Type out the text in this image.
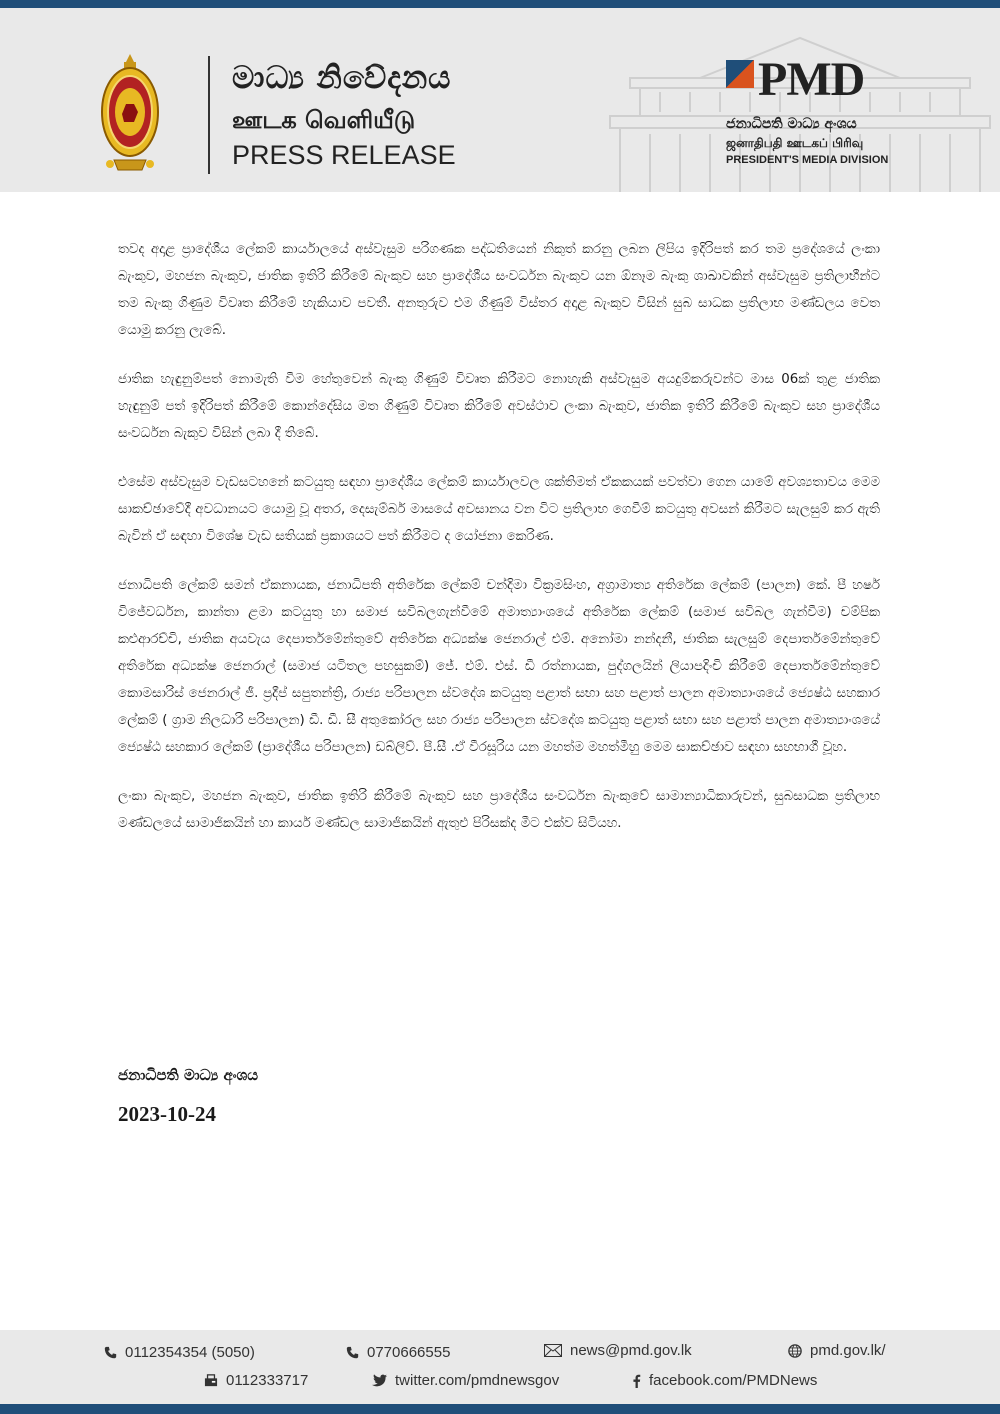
මාධ්‍ය නිවේදනය
ஊடக வெளியீடு
PRESS RELEASE
PMD
ජනාධිපති මාධ්‍ය අංශය
ஜனாதிபதி ஊடகப் பிரிவு
PRESIDENT'S MEDIA DIVISION

තවද අදාළ ප්‍රාදේශීය ලේකම් කාර්යාලයේ අස්වැසුම පරිගණක පද්ධතියෙන් නිකුත් කරනු ලබන ලිපිය ඉදිරිපත් කර තම ප්‍රදේශයේ ලංකා බැංකුව, මහජන බැංකුව, ජාතික ඉතිරි කිරීමේ බැංකුව සහ ප්‍රාදේශීය සංවර්ධන බැංකුව යන ඕනෑම බැංකු ශාඛාවකින් අස්වැසුම ප්‍රතිලාභීන්ට තම බැංකු ගිණුම විවෘත කිරීමේ හැකියාව පවතී. අනතුරුව එම ගිණුම් විස්තර අදාළ බැංකුව විසින් සුබ සාධක ප්‍රතිලාභ මණ්ඩලය වෙත යොමු කරනු ලැබේ.

ජාතික හැඳුනුම්පත් නොමැති වීම හේතුවෙන් බැංකු ගිණුම් විවෘත කිරීමට නොහැකි අස්වැසුම අයදුම්කරුවන්ට මාස 06ක් තුළ ජාතික හැඳුනුම් පත් ඉදිරිපත් කිරීමේ කොන්දේසිය මත ගිණුම් විවෘත කිරීමේ අවස්ථාව ලංකා බැංකුව, ජාතික ඉතිරි කිරීමේ බැංකුව සහ ප්‍රාදේශීය සංවර්ධන බැකුව විසින් ලබා දී තිබේ.

එසේම අස්වැසුම වැඩසටහනේ කටයුතු සඳහා ප්‍රාදේශීය ලේකම් කාර්යාලවල ශක්තිමත් ඒකකයක් පවත්වා ගෙන යාමේ අවශ්‍යතාවය මෙම සාකච්ඡාවේදී අවධානයට යොමු වූ අතර, දෙසැම්බර් මාසයේ අවසානය වන විට ප්‍රතිලාභ ගෙවීම් කටයුතු අවසන් කිරීමට සැලසුම් කර ඇති බැවින් ඒ සඳහා විශේෂ වැඩ සතියක් ප්‍රකාශයට පත් කිරීමට ද යෝජනා කෙරිණ.

ජනාධිපති ලේකම් සමන් ඒකනායක, ජනාධිපති අතිරේක ලේකම් චන්දිමා වික්‍රමසිංහ, අග්‍රාමාත්‍ය අතිරේක ලේකම් (පාලන) කේ. පී හර්ෂ විජේවර්ධන, කාන්තා ළමා කටයුතු හා සමාජ සවිබලගැන්වීමේ අමාත්‍යාංශයේ අතිරේක ලේකම් (සමාජ සවිබල ගැන්වීම) චම්පික කළුආරච්චි, ජාතික අයවැය දෙපාර්තමේන්තුවේ අතිරේක අධ්‍යක්ෂ ජෙනරාල් එම්. අනෝමා නන්දනී, ජාතික සැලසුම් දෙපාර්තමේන්තුවේ අතිරේක අධ්‍යක්ෂ ජෙනරාල් (සමාජ යටිතල පහසුකම්) ජේ. එම්. එස්. ඩී රත්නායක, පුද්ගලයින් ලියාපදිංචි කිරීමේ දෙපාර්තමේන්තුවේ කොමසාරිස් ජෙනරාල් ජී. ප්‍රදීප් සපුතන්ත්‍රි, රාජ්‍ය පරිපාලන ස්වදේශ කටයුතු පළාත් සභා සහ පළාත් පාලන අමාත්‍යාංශයේ ජ්‍යෙෂ්ඨ සහකාර ලේකම් ( ග්‍රාම නිලධාරි පරිපාලන) ඩී. ඩී. සී අතුකෝරල සහ රාජ්‍ය පරිපාලන ස්වදේශ කටයුතු පළාත් සභා සහ පළාත් පාලන අමාත්‍යාංශයේ ජ්‍යෙෂ්ඨ සහකාර ලේකම් (ප්‍රාදේශීය පරිපාලන) ඩබ්ලිව්. පී.සී .ඒ වීරසූරිය යන මහත්ම මහත්මීහු මෙම සාකච්ඡාව සඳහා සහභාගී වූහ.

ලංකා බැංකුව, මහජන බැංකුව, ජාතික ඉතිරි කිරීමේ බැංකුව සහ ප්‍රාදේශීය සංවර්ධන බැංකුවේ සාමාන්‍යාධිකාරුවන්, සුබසාධක ප්‍රතිලාභ මණ්ඩලයේ සාමාජිකයින් හා කාර්ය මණ්ඩල සාමාජිකයින් ඇතුළු පිරිසක්ද මීට එක්ව සිටියහ.

ජනාධිපති මාධ්‍ය අංශය
2023-10-24
0112354354 (5050)	0770666555	news@pmd.gov.lk	pmd.gov.lk/
0112333717	twitter.com/pmdnewsgov	facebook.com/PMDNews
